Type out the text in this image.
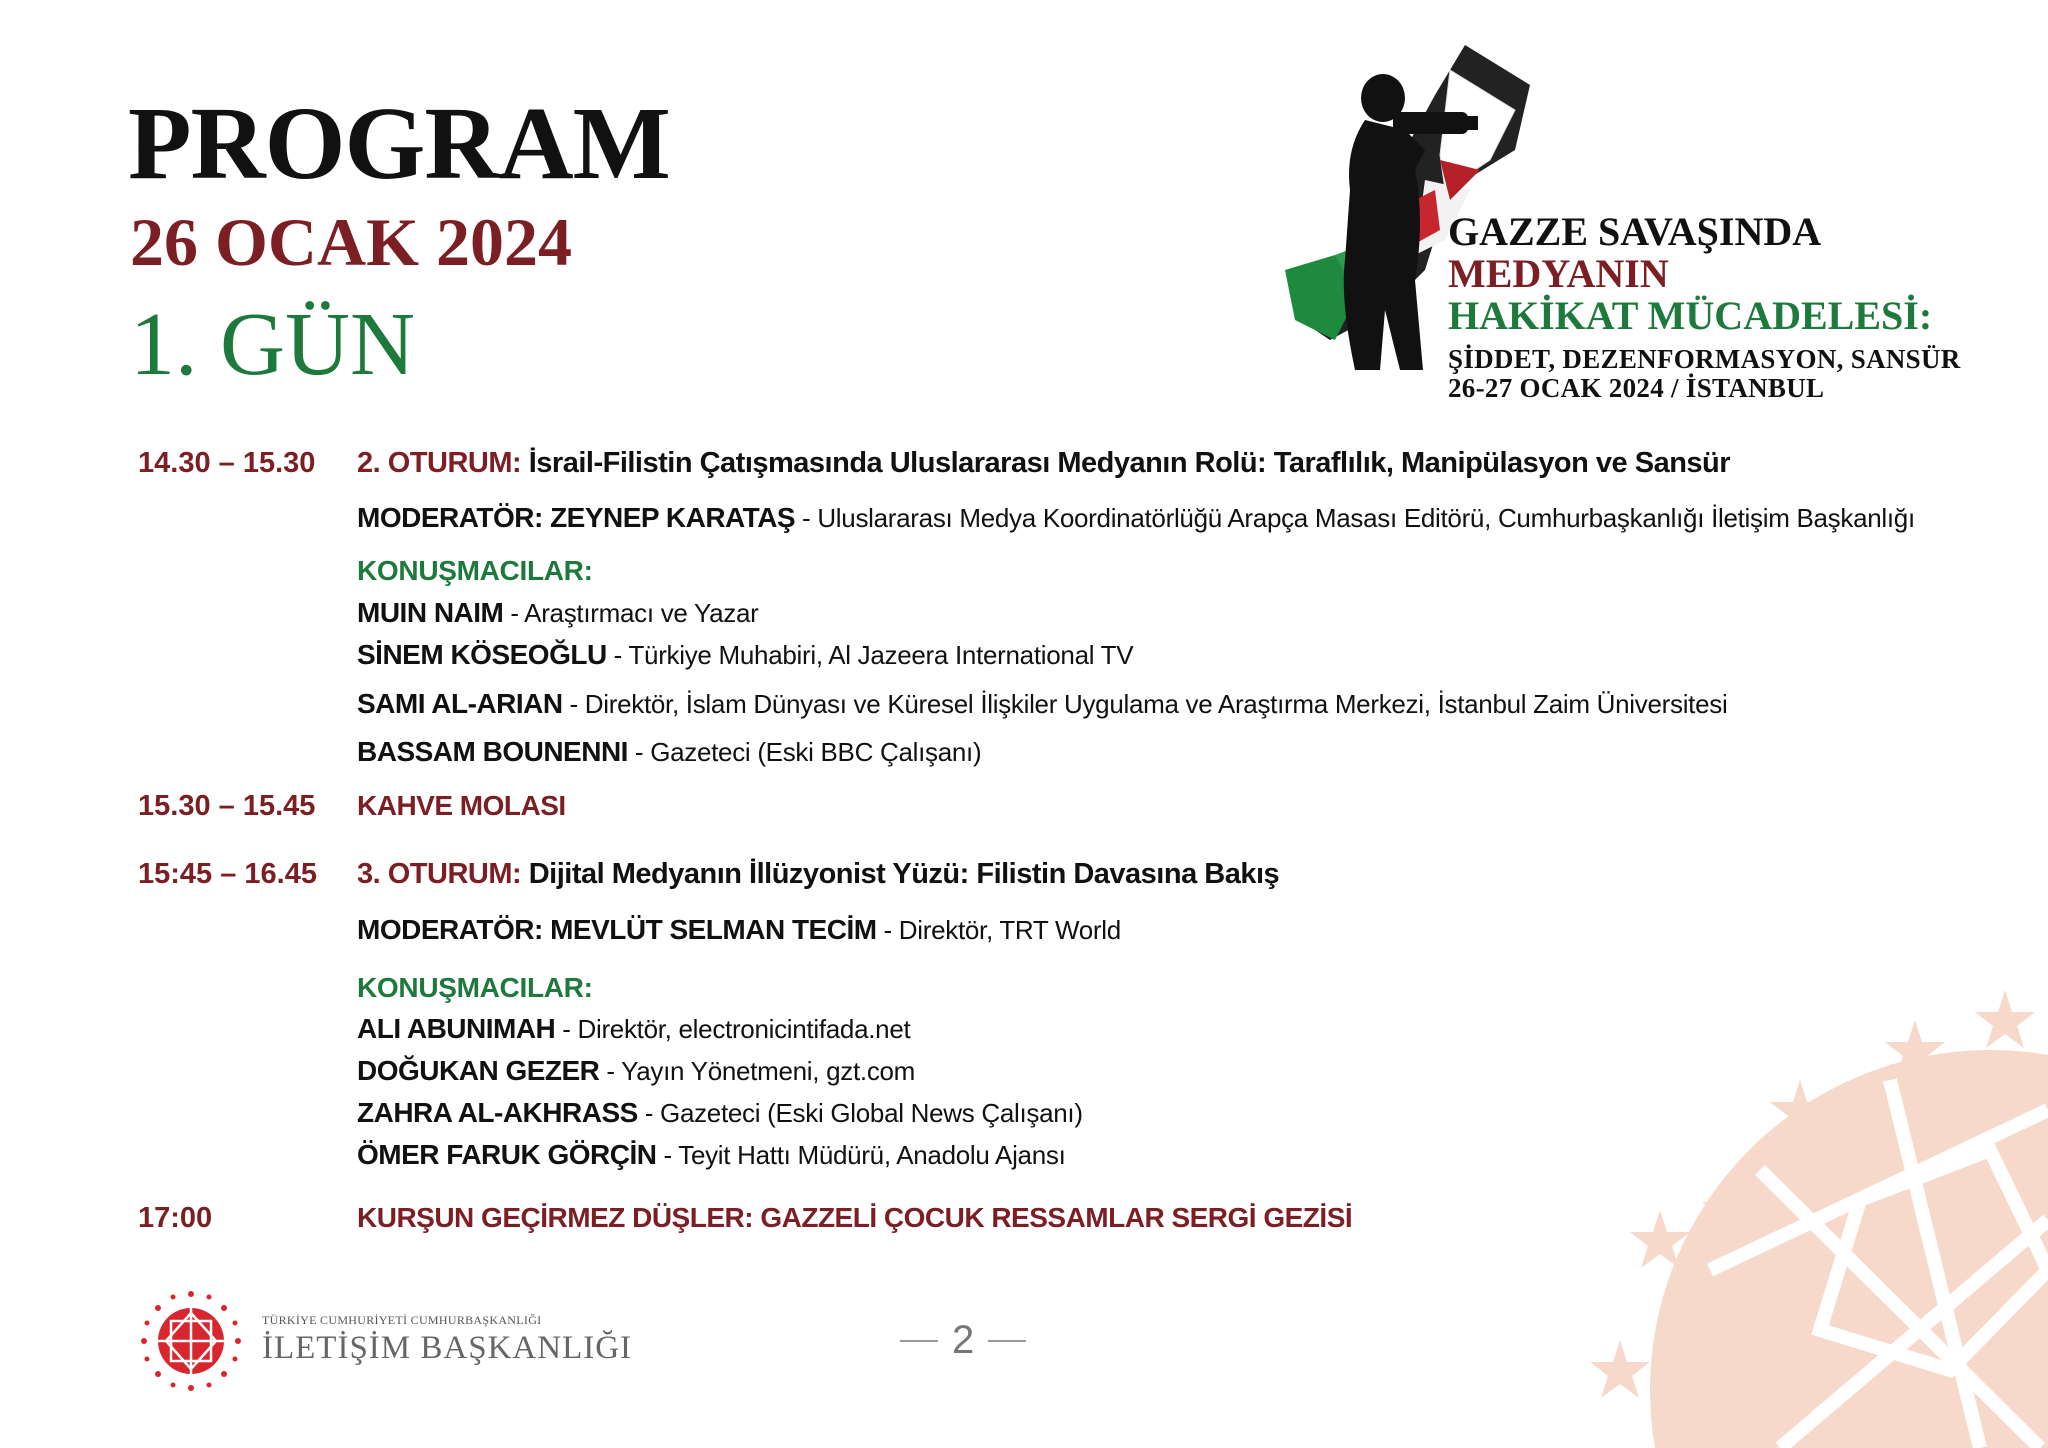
PROGRAM
26 OCAK 2024
1. GÜN
GAZZE SAVAŞINDA
MEDYANIN
HAKİKAT MÜCADELESİ:
ŞİDDET, DEZENFORMASYON, SANSÜR
26-27 OCAK 2024 / İSTANBUL
14.30 – 15.30 2. OTURUM: İsrail-Filistin Çatışmasında Uluslararası Medyanın Rolü: Taraflılık, Manipülasyon ve Sansür
MODERATÖR: ZEYNEP KARATAŞ - Uluslararası Medya Koordinatörlüğü Arapça Masası Editörü, Cumhurbaşkanlığı İletişim Başkanlığı
KONUŞMACILAR:
MUIN NAIM - Araştırmacı ve Yazar
SİNEM KÖSEOĞLU - Türkiye Muhabiri, Al Jazeera International TV
SAMI AL-ARIAN - Direktör, İslam Dünyası ve Küresel İlişkiler Uygulama ve Araştırma Merkezi, İstanbul Zaim Üniversitesi
BASSAM BOUNENNI - Gazeteci (Eski BBC Çalışanı)
15.30 – 15.45 KAHVE MOLASI
15:45 – 16.45 3. OTURUM: Dijital Medyanın İllüzyonist Yüzü: Filistin Davasına Bakış
MODERATÖR: MEVLÜT SELMAN TECİM - Direktör, TRT World
KONUŞMACILAR:
ALI ABUNIMAH - Direktör, electronicintifada.net
DOĞUKAN GEZER - Yayın Yönetmeni, gzt.com
ZAHRA AL-AKHRASS - Gazeteci (Eski Global News Çalışanı)
ÖMER FARUK GÖRÇİN - Teyit Hattı Müdürü, Anadolu Ajansı
17:00	KURŞUN GEÇİRMEZ DÜŞLER: GAZZELİ ÇOCUK RESSAMLAR SERGİ GEZİSİ
TÜRKİYE CUMHURİYETİ CUMHURBAŞKANLIĞI
İLETİŞİM BAŞKANLIĞI	2
